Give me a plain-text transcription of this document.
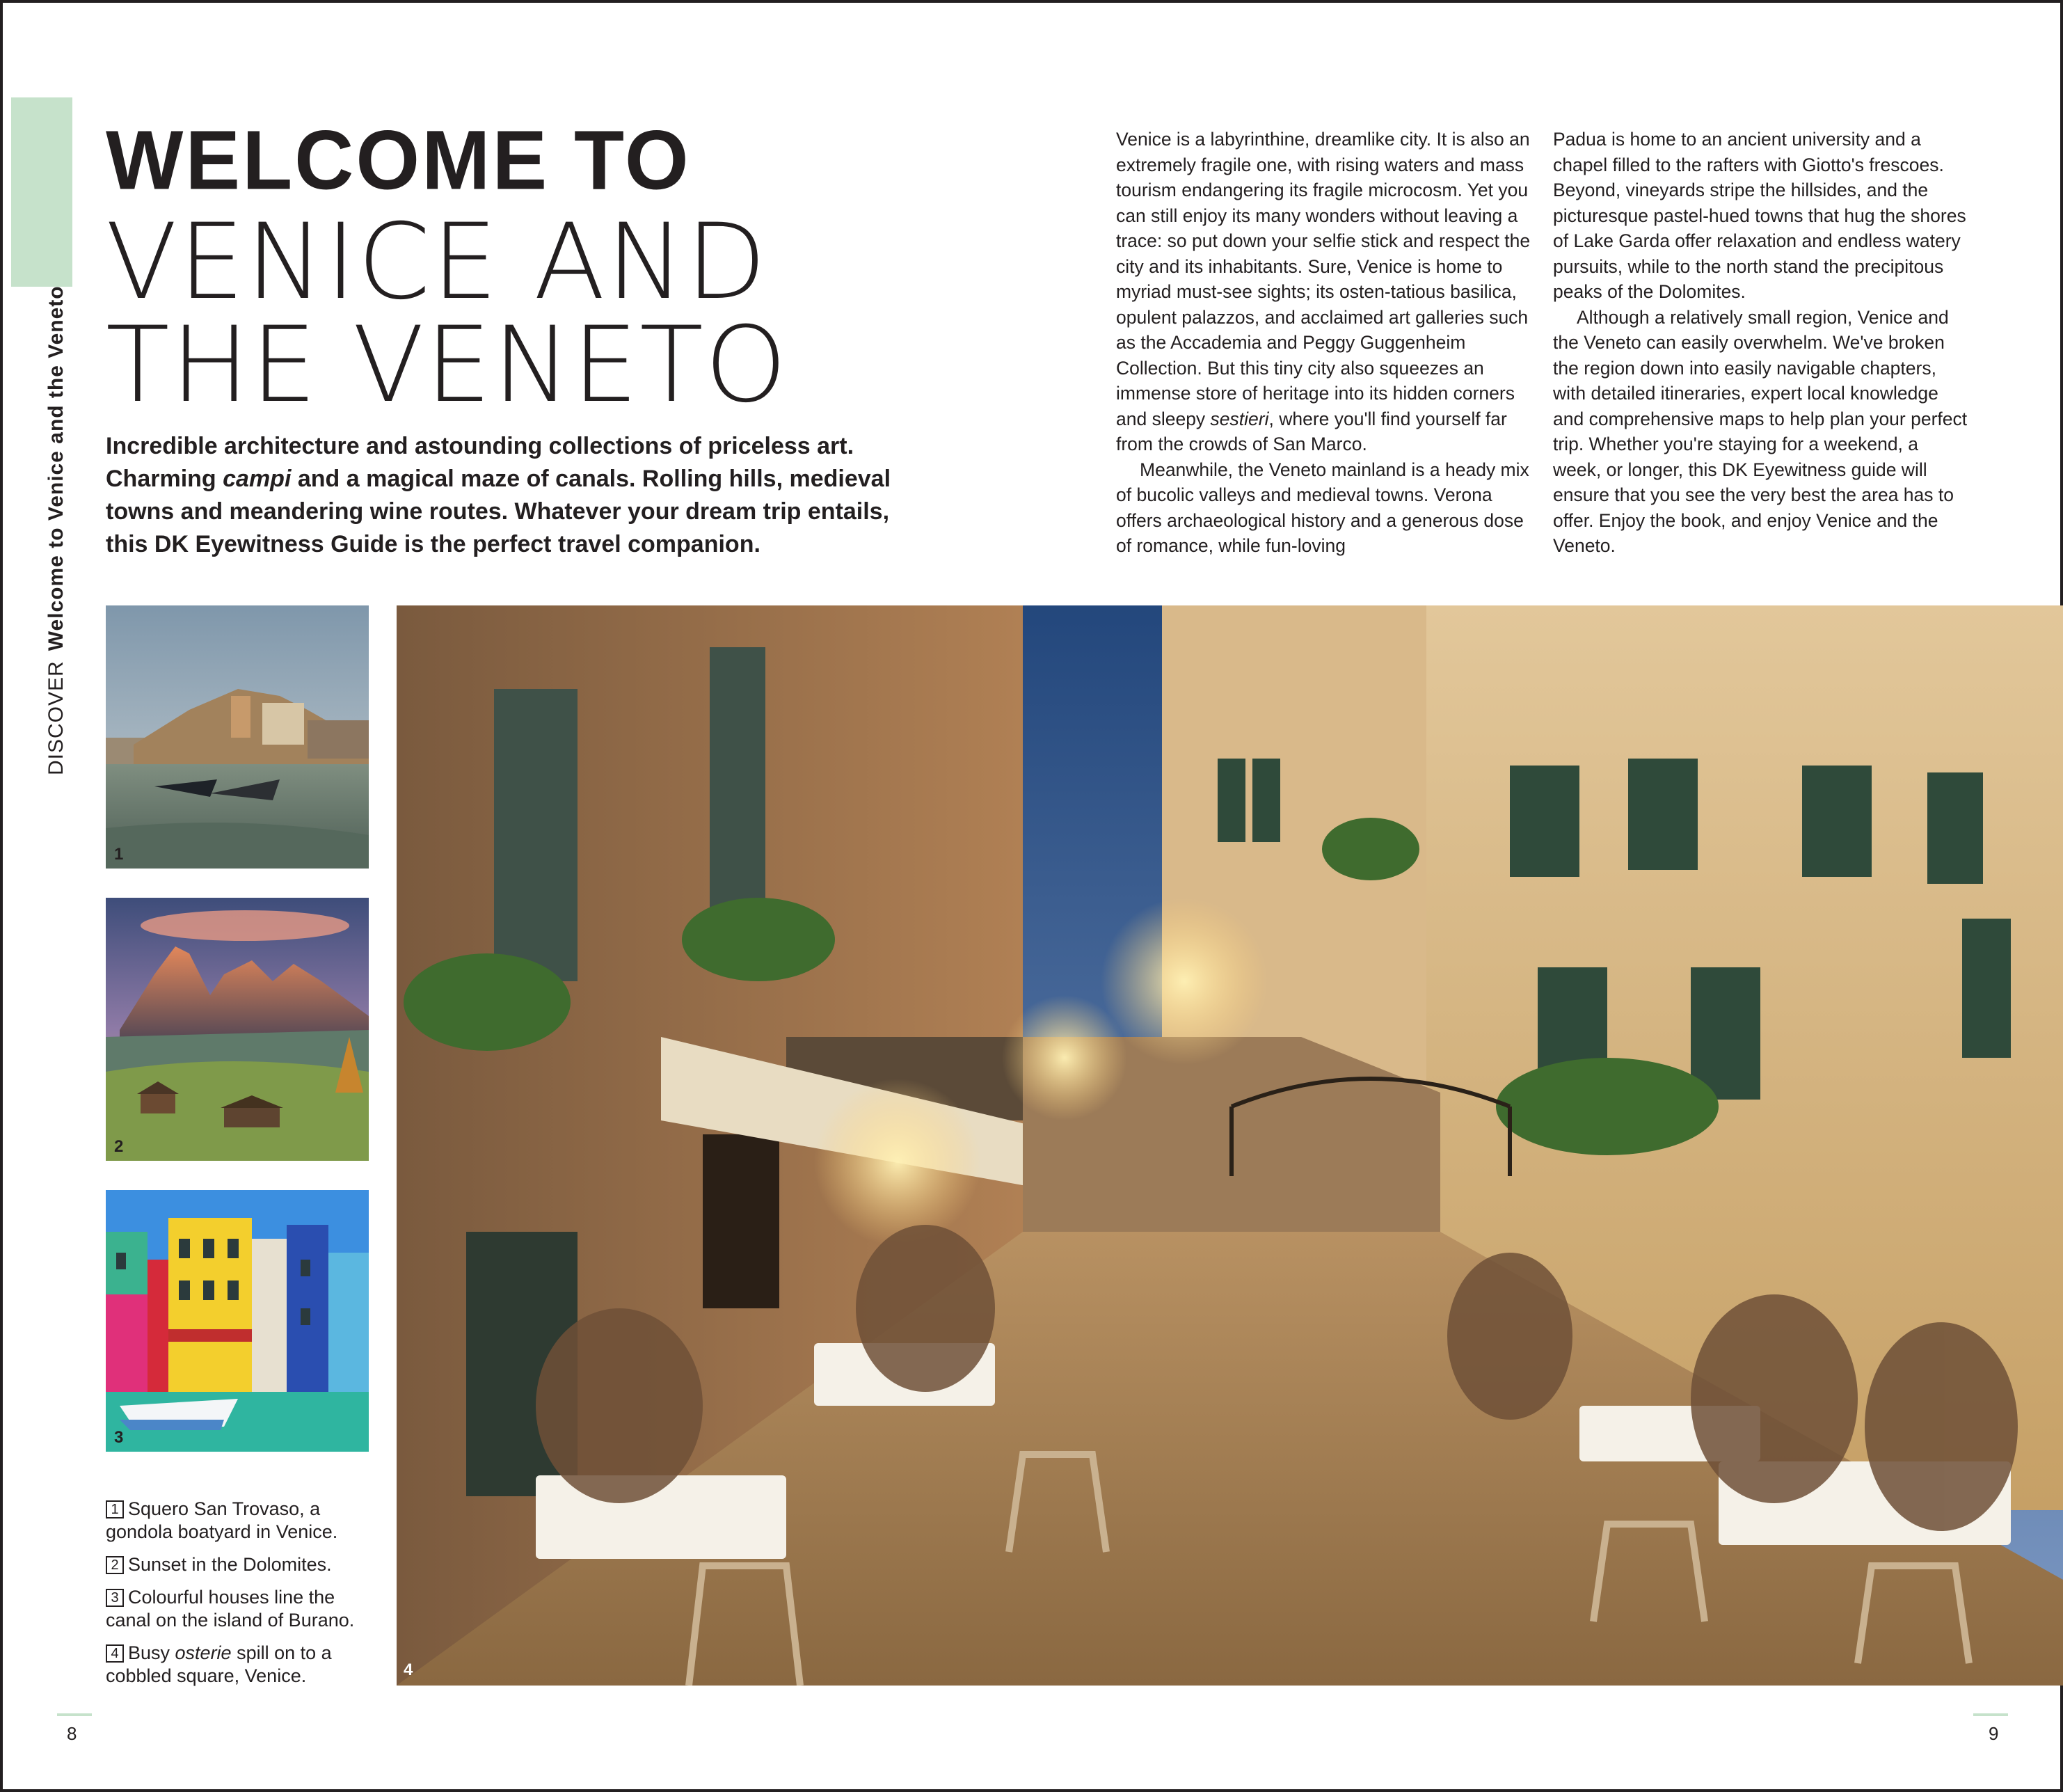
DISCOVER
Welcome to Venice and the Veneto
WELCOME TO
VENICE AND
THE VENETO

Incredible architecture and astounding collections of priceless art. Charming campi and a magical maze of canals. Rolling hills, medieval towns and meandering wine routes. Whatever your dream trip entails, this DK Eyewitness Guide is the perfect travel companion.

Venice is a labyrinthine, dreamlike city. It is also an extremely fragile one, with rising waters and mass tourism endangering its fragile microcosm. Yet you can still enjoy its many wonders without leaving a trace: so put down your selfie stick and respect the city and its inhabitants. Sure, Venice is home to myriad must-see sights; its osten-tatious basilica, opulent palazzos, and acclaimed art galleries such as the Accademia and Peggy Guggenheim Collection. But this tiny city also squeezes an immense store of heritage into its hidden corners and sleepy sestieri, where you'll find yourself far from the crowds of San Marco.

Meanwhile, the Veneto mainland is a heady mix of bucolic valleys and medieval towns. Verona offers archaeological history and a generous dose of romance, while fun-loving

Padua is home to an ancient university and a chapel filled to the rafters with Giotto's frescoes. Beyond, vineyards stripe the hillsides, and the picturesque pastel-hued towns that hug the shores of Lake Garda offer relaxation and endless watery pursuits, while to the north stand the precipitous peaks of the Dolomites.

Although a relatively small region, Venice and the Veneto can easily overwhelm. We've broken the region down into easily navigable chapters, with detailed itineraries, expert local knowledge and comprehensive maps to help plan your perfect trip. Whether you're staying for a weekend, a week, or longer, this DK Eyewitness guide will ensure that you see the very best the area has to offer. Enjoy the book, and enjoy Venice and the Veneto.

1
2
3
4

1 Squero San Trovaso, a gondola boatyard in Venice.

2 Sunset in the Dolomites.

3 Colourful houses line the canal on the island of Burano.

4 Busy osterie spill on to a cobbled square, Venice.

8	9
